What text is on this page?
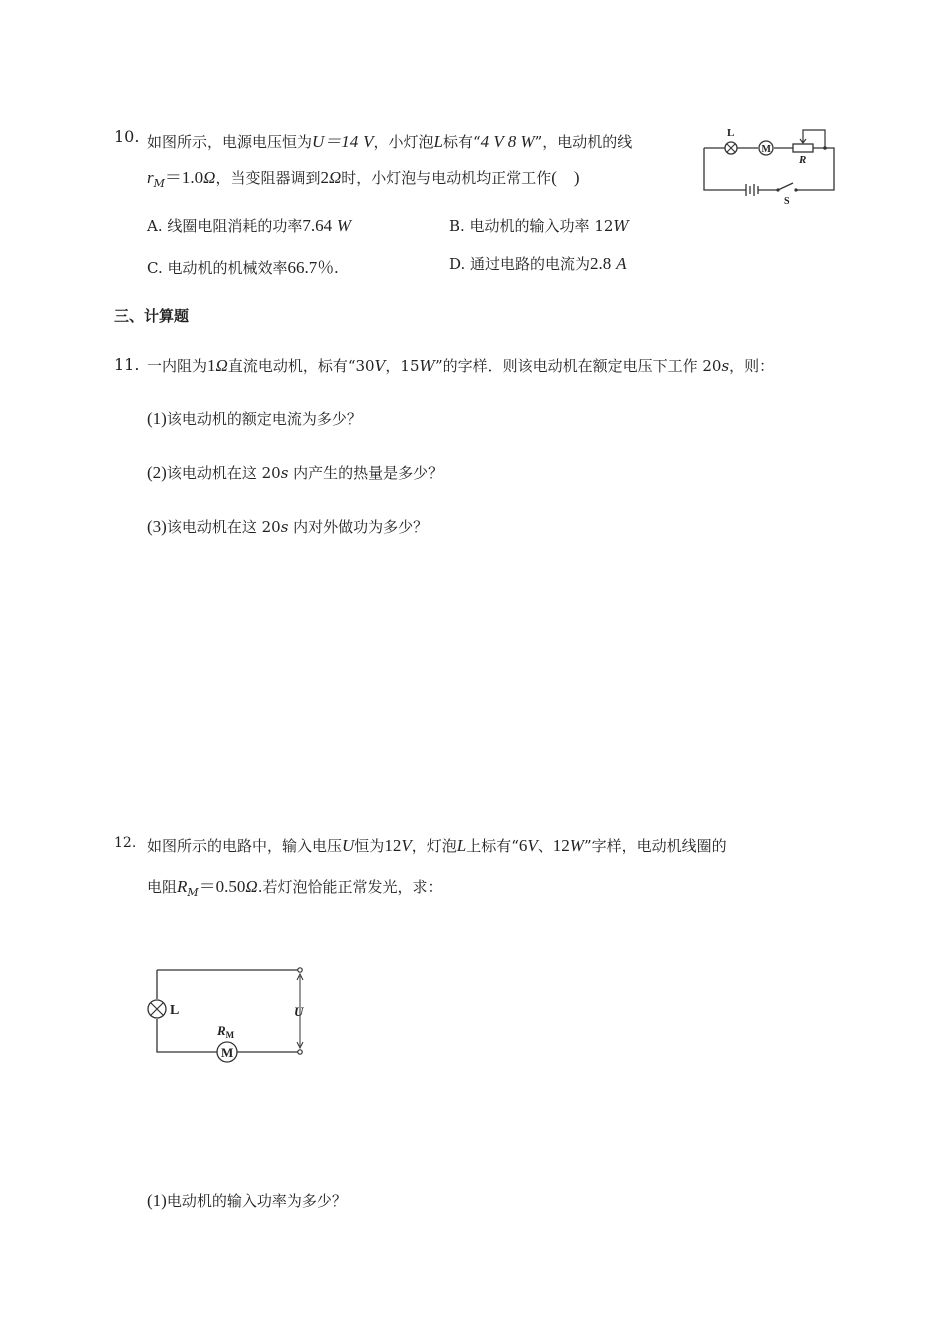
10. 如图所示，电源电压恒为U＝14 V，小灯泡L标有“4 V 8 W”，电动机的线
$r_M=1.0\Omega$，当变阻器调到2Ω时，小灯泡与电动机均正常工作(　)
L
M
R
S
A. 线圈电阻消耗的功率7.64 W	B. 电动机的输入功率 12W
C. 电动机的机械效率66.7％.	D. 通过电路的电流为2.8 A
三、计算题
11. 一内阻为1Ω直流电动机，标有“30V，15W”的字样．则该电动机在额定电压下工作 20s，则：
(1)该电动机的额定电流为多少？
(2)该电动机在这 20s 内产生的热量是多少？
(3)该电动机在这 20s 内对外做功为多少？
12. 如图所示的电路中，输入电压U恒为12V，灯泡L上标有“6V、12W”字样，电动机线圈的
电阻$R_M=0.50\Omega$.若灯泡恰能正常发光，求：
U
L
M
$R_M$
(1)电动机的输入功率为多少？
